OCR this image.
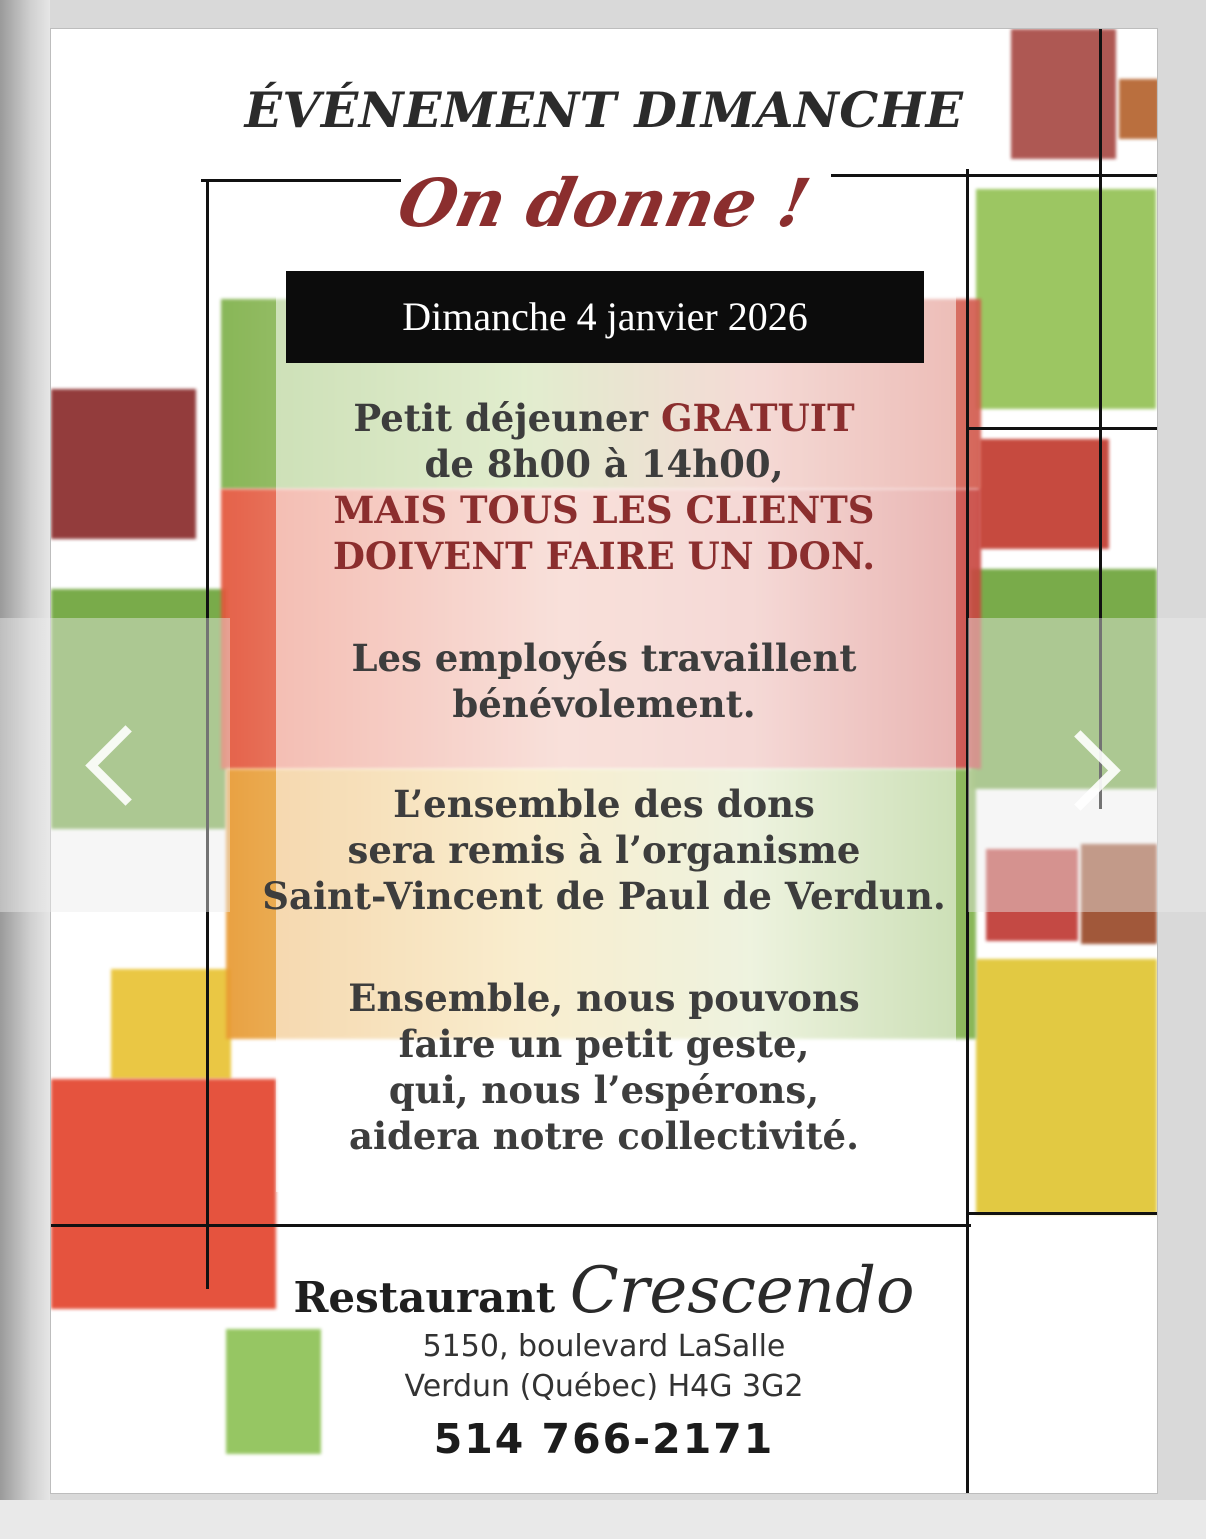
ÉVÉNEMENT DIMANCHE
On donne !
Dimanche 4 janvier 2026
Petit déjeuner GRATUIT
de 8h00 à 14h00,
MAIS TOUS LES CLIENTS
DOIVENT FAIRE UN DON.
Les employés travaillent
bénévolement.
L’ensemble des dons
sera remis à l’organisme
Saint-Vincent de Paul de Verdun.
Ensemble, nous pouvons
faire un petit geste,
qui, nous l’espérons,
aidera notre collectivité.
Restaurant Crescendo
5150, boulevard LaSalle
Verdun (Québec) H4G 3G2
514 766-2171
